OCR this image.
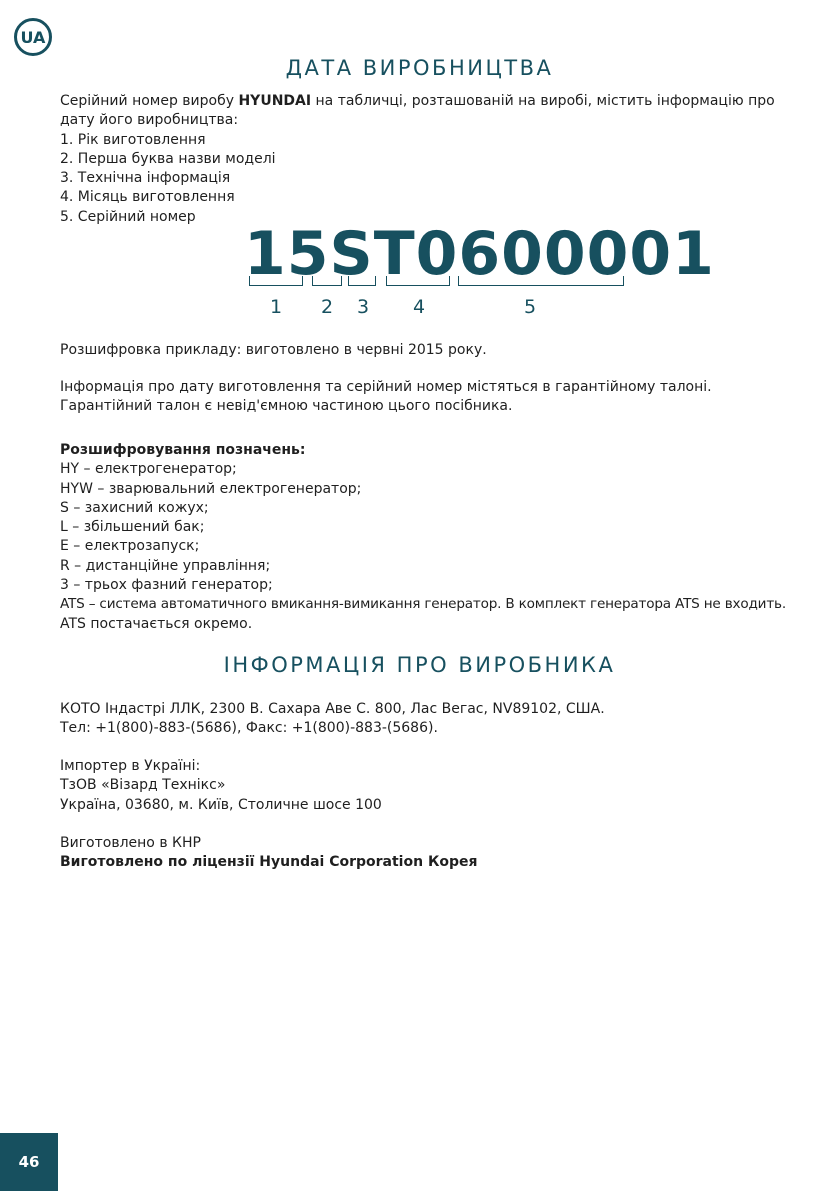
UA
ДАТА ВИРОБНИЦТВА

Серійний номер виробу HYUNDAI на табличці, розташованій на виробі, містить інформацію про дату його виробництва:

1. Рік виготовлення

2. Перша буква назви моделі

3. Технічна інформація

4. Місяць виготовлення

5. Серійний номер

15ST0600001
1	2	3	4	5

Розшифровка прикладу: виготовлено в червні 2015 року.

Інформація про дату виготовлення та серійний номер містяться в гарантійному талоні. Гарантійний талон є невід'ємною частиною цього посібника.

Розшифровування позначень:

HY – електрогенератор;

HYW – зварювальний електрогенератор;

S – захисний кожух;

L – збільшений бак;

E – електрозапуск;

R – дистанційне управління;

3 – трьох фазний генератор;

ATS – система автоматичного вмикання-вимикання генератор. В комплект генератора ATS не входить.

ATS постачається окремо.

ІНФОРМАЦІЯ ПРО ВИРОБНИКА

КОТО Індастрі ЛЛК, 2300 В. Сахара Аве С. 800, Лас Вегас, NV89102, США.

Тел: +1(800)-883-(5686), Факс: +1(800)-883-(5686).

Імпортер в Україні:

ТзОВ «Візард Технікс»

Україна, 03680, м. Київ, Столичне шосе 100

Виготовлено в КНР

Виготовлено по ліцензії Hyundai Corporation Корея

46
